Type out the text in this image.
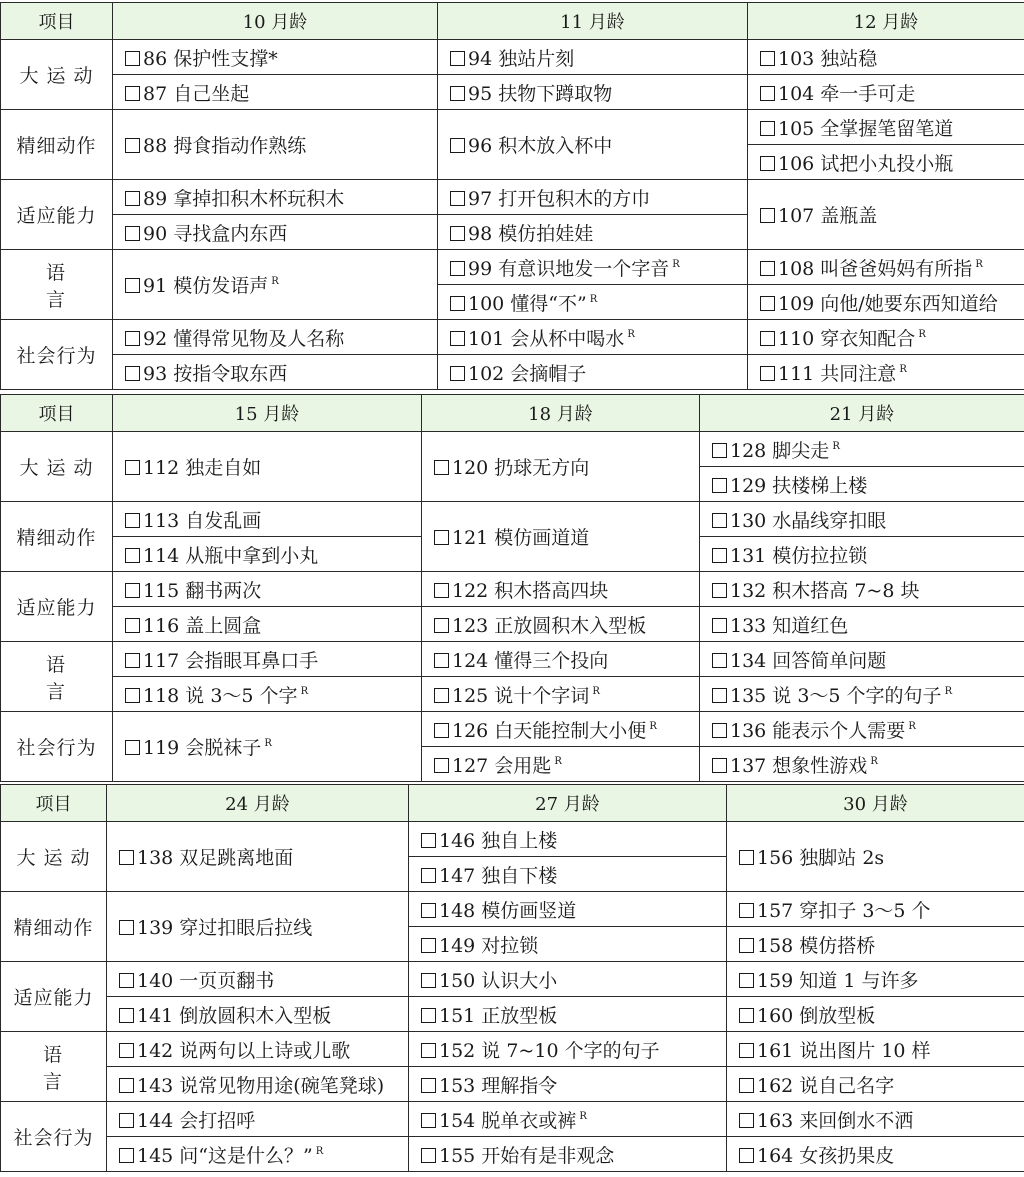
项目	10 月龄	11 月龄	12 月龄
大 运 动	86 保护性支撑*	94 独站片刻	103 独站稳
	87 自己坐起	95 扶物下蹲取物	104 牵一手可走
精细动作	88 拇食指动作熟练	96 积木放入杯中	105 全掌握笔留笔道
			106 试把小丸投小瓶
适应能力	89 拿掉扣积木杯玩积木	97 打开包积木的方巾	107 盖瓶盖
	90 寻找盒内东西	98 模仿拍娃娃	
语 言	91 模仿发语声 $^R$	99 有意识地发一个字音 $^R$	108 叫爸爸妈妈有所指 $^R$
		100 懂得“不” $^R$	109 向他/她要东西知道给
社会行为	92 懂得常见物及人名称	101 会从杯中喝水 $^R$	110 穿衣知配合 $^R$
	93 按指令取东西	102 会摘帽子	111 共同注意 $^R$
项目	15 月龄	18 月龄	21 月龄
大 运 动	112 独走自如	120 扔球无方向	128 脚尖走 $^R$
			129 扶楼梯上楼
精细动作	113 自发乱画	121 模仿画道道	130 水晶线穿扣眼
	114 从瓶中拿到小丸		131 模仿拉拉锁
适应能力	115 翻书两次	122 积木搭高四块	132 积木搭高 7~8 块
	116 盖上圆盒	123 正放圆积木入型板	133 知道红色
语 言	117 会指眼耳鼻口手	124 懂得三个投向	134 回答简单问题
	118 说 3～5 个字 $^R$	125 说十个字词 $^R$	135 说 3～5 个字的句子 $^R$
社会行为	119 会脱袜子 $^R$	126 白天能控制大小便 $^R$	136 能表示个人需要 $^R$
		127 会用匙 $^R$	137 想象性游戏 $^R$
项目	24 月龄	27 月龄	30 月龄
大 运 动	138 双足跳离地面	146 独自上楼	156 独脚站 2s
		147 独自下楼	
精细动作	139 穿过扣眼后拉线	148 模仿画竖道	157 穿扣子 3～5 个
		149 对拉锁	158 模仿搭桥
适应能力	140 一页页翻书	150 认识大小	159 知道 1 与许多
	141 倒放圆积木入型板	151 正放型板	160 倒放型板
语 言	142 说两句以上诗或儿歌	152 说 7~10 个字的句子	161 说出图片 10 样
	143 说常见物用途(碗笔凳球)	153 理解指令	162 说自己名字
社会行为	144 会打招呼	154 脱单衣或裤 $^R$	163 来回倒水不洒
	145 问“这是什么？” $^R$	155 开始有是非观念	164 女孩扔果皮
